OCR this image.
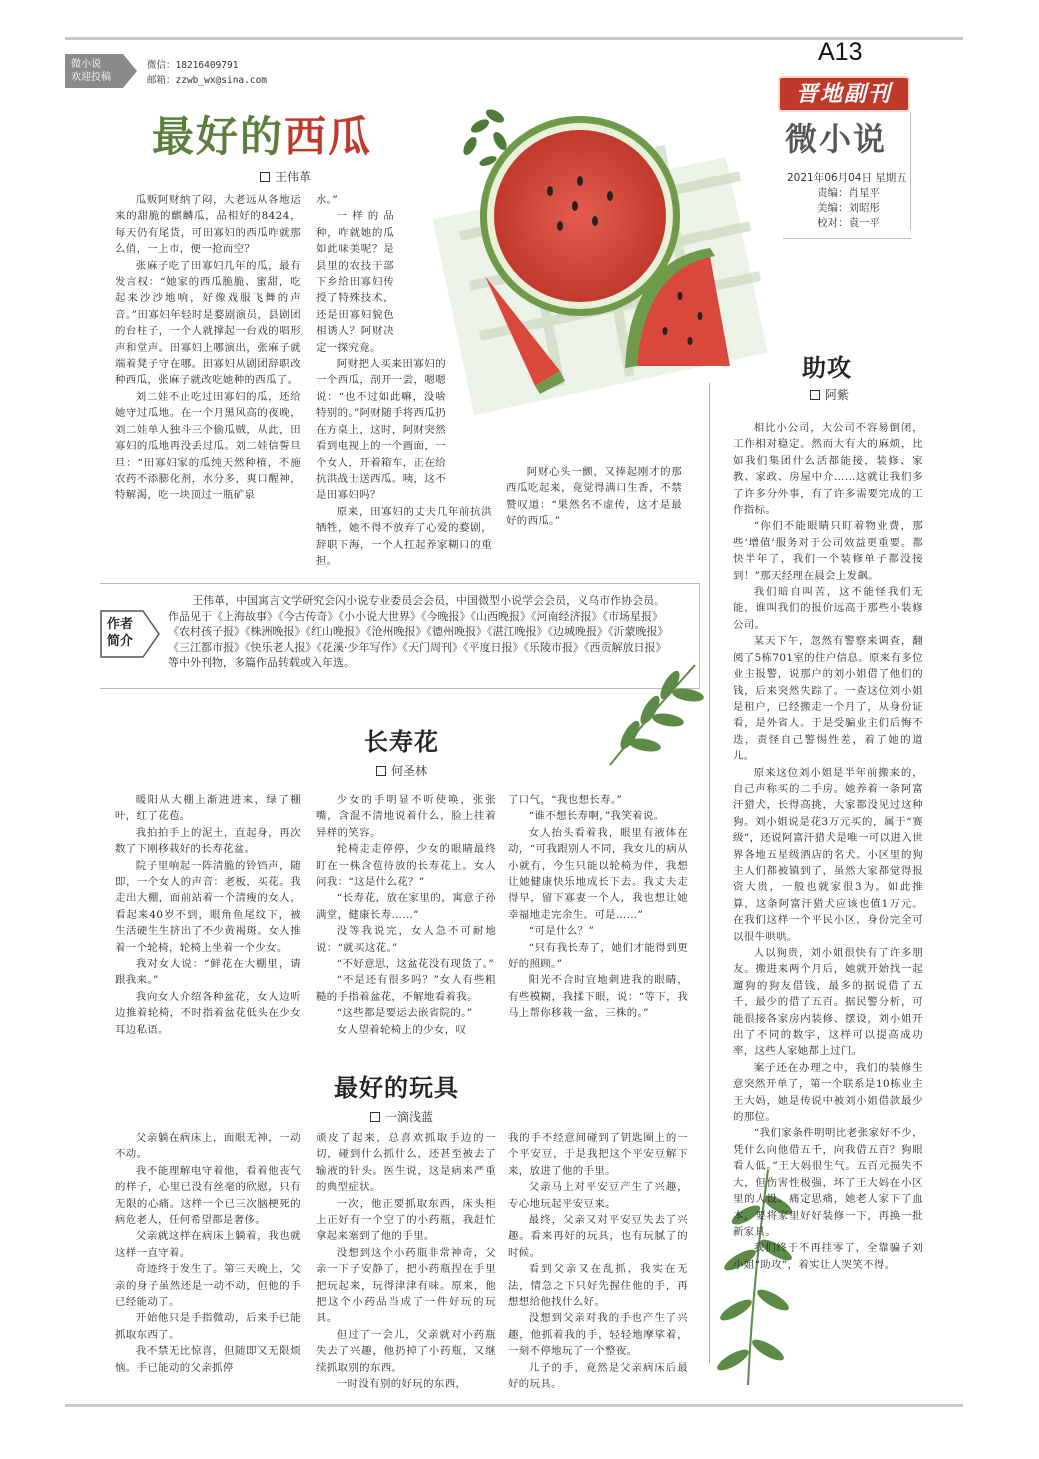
微小说
欢迎投稿
微信：18216409791
邮箱：zzwb_wx@sina.com
A13
晋地副刊
微小说
2021年06月04日 星期五
责编：肖星平
美编：刘昭彤
校对：袁一平
最好的西瓜
王伟革

瓜贩阿财纳了闷，大老远从各地运来的甜脆的麒麟瓜，品相好的8424，每天仍有尾货，可田寡妇的西瓜咋就那么俏，一上市，便一抢而空？

张麻子吃了田寡妇几年的瓜，最有发言权：“她家的西瓜脆脆、蜜甜，吃起来沙沙地响，好像戏服飞舞的声音。”田寡妇年轻时是婺剧演员，县剧团的台柱子，一个人就撑起一台戏的唱形声和堂声。田寡妇上哪演出，张麻子就端着凳子守在哪。田寡妇从剧团辞职改种西瓜，张麻子就改吃她种的西瓜了。

刘二娃不止吃过田寡妇的瓜，还给她守过瓜地。在一个月黑风高的夜晚，刘二娃单人独斗三个偷瓜贼，从此，田寡妇的瓜地再没丢过瓜。刘二娃信誓旦旦：“田寡妇家的瓜纯天然种植，不施农药不添膨化剂，水分多，爽口醒神，特解渴，吃一块顶过一瓶矿泉

水。”

一样的品种，咋就她的瓜如此味美呢？是县里的农技干部下乡给田寡妇传授了特殊技术，还是田寡妇貌色相诱人？阿财决定一探究竟。

阿财把人买来田寡妇的一个西瓜，剖开一尝，嗯嗯说：“也不过如此嘛，没啥特别的。”阿财随手将西瓜扔在方桌上，这时，阿财突然看到电视上的一个画面，一个女人，开着箱车，正在给抗洪战士送西瓜。咦，这不是田寡妇吗？

原来，田寡妇的丈夫几年前抗洪牺牲，她不得不放弃了心爱的婺剧，辞职下海，一个人扛起养家糊口的重担。

阿财心头一颤，又捧起刚才的那西瓜吃起来，竟觉得满口生香，不禁赞叹道：“果然名不虚传，这才是最好的西瓜。”

作者
简介
王伟革，中国寓言文学研究会闪小说专业委员会会员，中国微型小说学会会员，义乌市作协会员。作品见于《上海故事》《今古传奇》《小小说大世界》《今晚报》《山西晚报》《河南经济报》《市场星报》《农村孩子报》《株洲晚报》《红山晚报》《沧州晚报》《德州晚报》《湛江晚报》《边城晚报》《沂蒙晚报》《三江都市报》《快乐老人报》《花溪·少年写作》《天门周刊》《平度日报》《乐陵市报》《西贡解放日报》等中外刊物，多篇作品转载或入年选。
助攻
阿紫

相比小公司，大公司不容易倒闭，工作相对稳定。然而大有大的麻烦，比如我们集团什么活都能接，装修、家教、家政、房屋中介……这就让我们多了许多分外事，有了许多需要完成的工作指标。

“你们不能眼睛只盯着物业费，那些‘增值’服务对于公司效益更重要。都快半年了，我们一个装修单子都没接到！”那天经理在晨会上发飙。

我们暗自叫苦，这不能怪我们无能，谁叫我们的报价远高于那些小装修公司。

某天下午，忽然有警察来调查，翻阅了5栋701室的住户信息。原来有多位业主报警，说那户的刘小姐借了他们的钱，后来突然失踪了。一查这位刘小姐是租户，已经搬走一个月了，从身份证看，是外省人。于是受骗业主们后悔不迭，责怪自己警惕性差，着了她的道儿。

原来这位刘小姐是半年前搬来的，自己声称买的二手房。她养着一条阿富汗猎犬，长得高挑，大家都没见过这种狗。刘小姐说是花3万元买的，属于“赛级”，还说阿富汗猎犬是唯一可以进入世界各地五星级酒店的名犬。小区里的狗主人们都被镇到了，虽然大家都觉得报资大贵，一般也就家很3为。如此推算，这条阿富汗猎犬应该也值1万元。在我们这样一个平民小区，身份完全可以很牛哄哄。

人以狗贵，刘小姐很快有了许多朋友。搬进来两个月后，她就开始找一起遛狗的狗友借钱，最多的据说借了五千，最少的借了五百。据民警分析，可能很接各家房内装修、摆设，刘小姐开出了不同的数字，这样可以提高成功率，这些人家她都上过门。

案子还在办理之中，我们的装修生意突然开单了，第一个联系是10栋业主王大妈，她是传说中被刘小姐借款最少的那位。

“我们家条件明明比老张家好不少，凭什么向他借五千，向我借五百？狗眼看人低。”王大妈很生气。五百元损失不大，但伤害性极强，坏了王大妈在小区里的人设。痛定思痛，她老人家下了血本，要将家里好好装修一下，再换一批新家具。

我们终于不再挂零了，全靠骗子刘小姐“助攻”，着实让人哭笑不得。

长寿花
何圣林

暖阳从大棚上渐进进来，绿了棚叶，红了花苞。

我拍拍手上的泥土，直起身，再次数了下刚移栽好的长寿花盆。

院子里响起一阵清脆的铃铛声，随即，一个女人的声音：老板，买花。我走出大棚，面前站着一个清瘦的女人，看起来40岁不到，眼角鱼尾纹下，被生活硬生生挤出了不少黄褐斑。女人推着一个轮椅，轮椅上坐着一个少女。

我对女人说：“鲜花在大棚里，请跟我来。”

我向女人介绍各种盆花，女人边听边推着轮椅，不时指着盆花低头在少女耳边私语。

少女的手明显不听使唤，张张嘴，含混不清地说着什么，脸上挂着异样的笑容。

轮椅走走停停，少女的眼睛最终盯在一株含苞待放的长寿花上。女人问我：“这是什么花？”

“长寿花，放在家里的，寓意子孙满堂，健康长寿……”

没等我说完，女人急不可耐地说：“就买这花。”

“不好意思，这盆花没有现货了。”

“不是还有很多吗？”女人有些粗糙的手指着盆花，不解地看着我。

“这些都是要运去嵌省院的。”

女人望着轮椅上的少女，叹

了口气，“我也想长寿。”

“谁不想长寿啊，”我笑着说。

女人抬头看着我，眼里有液体在动，“可我跟别人不同，我女儿的病从小就有，今生只能以轮椅为伴，我想让她健康快乐地成长下去。我丈夫走得早，留下寡妻一个人，我也想让她幸福地走完余生。可是……”

“可是什么？”

“只有我长寿了，她们才能得到更好的照顾。”

阳光不合时宜地刺进我的眼睛，有些模糊，我揉下眼，说：“等下，我马上帮你移栽一盆，三株的。”

最好的玩具
一滴浅蓝

父亲躺在病床上，面眼无神，一动不动。

我不能理解电守着他，看着他丧气的样子，心里已没有丝毫的欣慰，只有无限的心痛。这样一个已三次脑梗死的病危老人，任何希望都是奢侈。

父亲就这样在病床上躺着，我也就这样一直守着。

奇迹终于发生了。第三天晚上，父亲的身子虽然还是一动不动，但他的手已经能动了。

开始他只是手指微动，后来手已能抓取东西了。

我不禁无比惊喜，但随即又无限烦恼。手已能动的父亲抓停

顽皮了起来，总喜欢抓取手边的一切，碰到什么抓什么，还甚至被去了输液的针头。医生说，这是病来严重的典型症状。

一次，他正要抓取东西，床头柜上正好有一个空了的小药瓶，我赶忙拿起来塞到了他的手里。

没想到这个小药瓶非常神奇，父亲一下子安静了，把小药瓶捏在手里把玩起来，玩得津津有味。原来，他把这个小药品当成了一件好玩的玩具。

但过了一会儿，父亲就对小药瓶失去了兴趣，他扔掉了小药瓶，又继续抓取别的东西。

一时没有别的好玩的东西，

我的手不经意间碰到了钥匙圈上的一个平安豆，于是我把这个平安豆解下来，放进了他的手里。

父亲马上对平安豆产生了兴趣，专心地玩起平安豆来。

最终，父亲又对平安豆失去了兴趣。看来再好的玩具，也有玩腻了的时候。

看到父亲又在乱抓，我实在无法，情急之下只好先握住他的手，再想想给他找什么好。

没想到父亲对我的手也产生了兴趣，他抓着我的手，轻轻地摩挲着，一刻不停地玩了一个整夜。

儿子的手，竟然是父亲病床后最好的玩具。
